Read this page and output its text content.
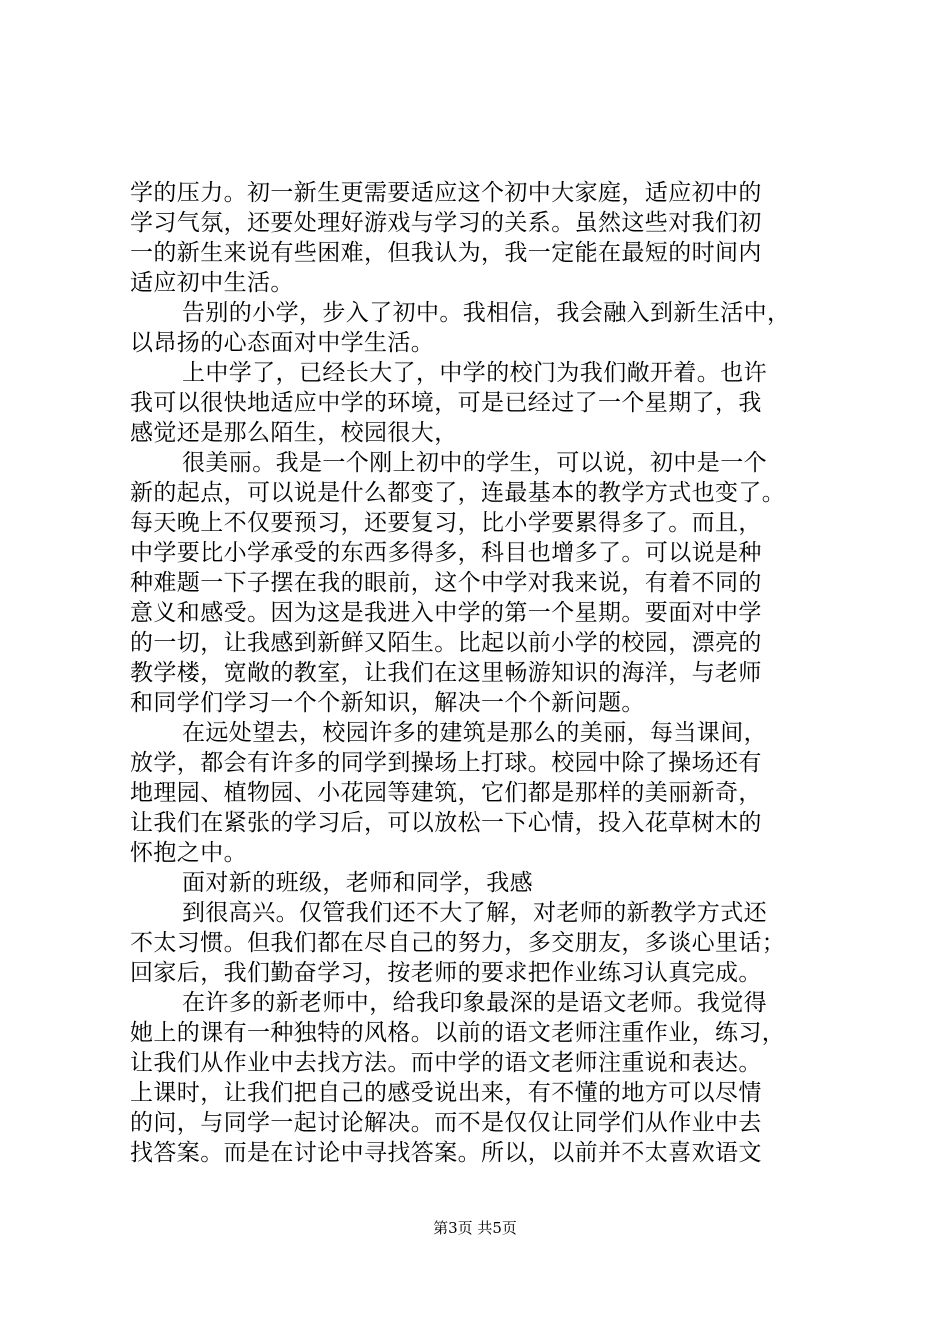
学的压力。初一新生更需要适应这个初中大家庭，适应初中的
学习气氛，还要处理好游戏与学习的关系。虽然这些对我们初
一的新生来说有些困难，但我认为，我一定能在最短的时间内
适应初中生活。
告别的小学，步入了初中。我相信，我会融入到新生活中，
以昂扬的心态面对中学生活。
上中学了，已经长大了，中学的校门为我们敞开着。也许
我可以很快地适应中学的环境，可是已经过了一个星期了，我
感觉还是那么陌生，校园很大，
很美丽。我是一个刚上初中的学生，可以说，初中是一个
新的起点，可以说是什么都变了，连最基本的教学方式也变了。
每天晚上不仅要预习，还要复习，比小学要累得多了。而且，
中学要比小学承受的东西多得多，科目也增多了。可以说是种
种难题一下子摆在我的眼前，这个中学对我来说，有着不同的
意义和感受。因为这是我进入中学的第一个星期。要面对中学
的一切，让我感到新鲜又陌生。比起以前小学的校园，漂亮的
教学楼，宽敞的教室，让我们在这里畅游知识的海洋，与老师
和同学们学习一个个新知识，解决一个个新问题。
在远处望去，校园许多的建筑是那么的美丽，每当课间，
放学，都会有许多的同学到操场上打球。校园中除了操场还有
地理园、植物园、小花园等建筑，它们都是那样的美丽新奇，
让我们在紧张的学习后，可以放松一下心情，投入花草树木的
怀抱之中。
面对新的班级，老师和同学，我感
到很高兴。仅管我们还不大了解，对老师的新教学方式还
不太习惯。但我们都在尽自己的努力，多交朋友，多谈心里话；
回家后，我们勤奋学习，按老师的要求把作业练习认真完成。
在许多的新老师中，给我印象最深的是语文老师。我觉得
她上的课有一种独特的风格。以前的语文老师注重作业，练习，
让我们从作业中去找方法。而中学的语文老师注重说和表达。
上课时，让我们把自己的感受说出来，有不懂的地方可以尽情
的问，与同学一起讨论解决。而不是仅仅让同学们从作业中去
找答案。而是在讨论中寻找答案。所以，以前并不太喜欢语文
第3页 共5页
